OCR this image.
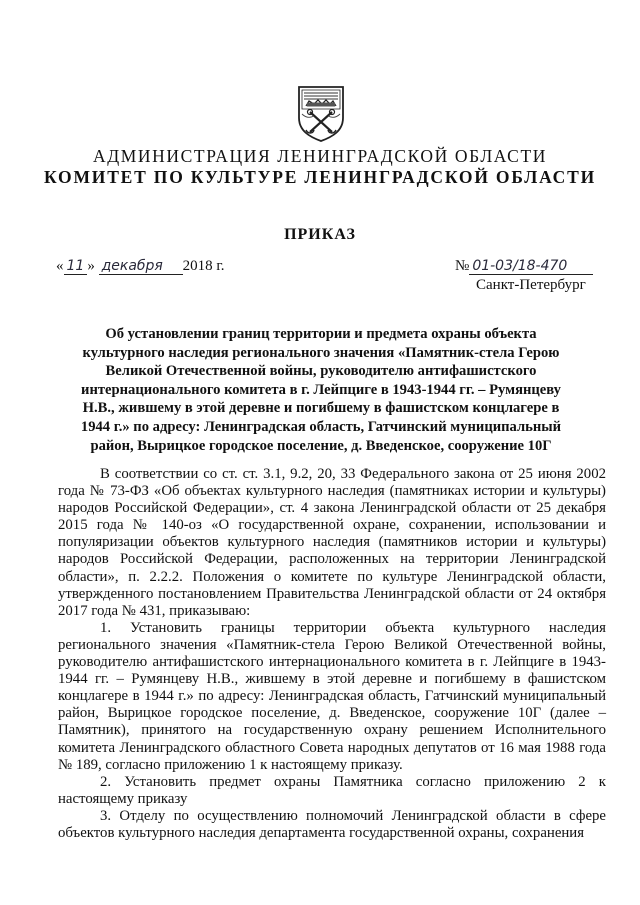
АДМИНИСТРАЦИЯ ЛЕНИНГРАДСКОЙ ОБЛАСТИ
КОМИТЕТ ПО КУЛЬТУРЕ ЛЕНИНГРАДСКОЙ ОБЛАСТИ
ПРИКАЗ
« 11 » декабря 2018 г.	№ 01-03/18-470
Санкт-Петербург
Об установлении границ территории и предмета охраны объекта культурного наследия регионального значения «Памятник-стела Герою Великой Отечественной войны, руководителю антифашистского интернационального комитета в г. Лейпциге в 1943-1944 гг. – Румянцеву Н.В., жившему в этой деревне и погибшему в фашистском концлагере в 1944 г.» по адресу: Ленинградская область, Гатчинский муниципальный район, Вырицкое городское поселение, д. Введенское, сооружение 10Г

В соответствии со ст. ст. 3.1, 9.2, 20, 33 Федерального закона от 25 июня 2002 года № 73-ФЗ «Об объектах культурного наследия (памятниках истории и культуры) народов Российской Федерации», ст. 4 закона Ленинградской области от 25 декабря 2015 года № 140-оз «О государственной охране, сохранении, использовании и популяризации объектов культурного наследия (памятников истории и культуры) народов Российской Федерации, расположенных на территории Ленинградской области», п. 2.2.2. Положения о комитете по культуре Ленинградской области, утвержденного постановлением Правительства Ленинградской области от 24 октября 2017 года № 431, приказываю:

1. Установить границы территории объекта культурного наследия регионального значения «Памятник-стела Герою Великой Отечественной войны, руководителю антифашистского интернационального комитета в г. Лейпциге в 1943-1944 гг. – Румянцеву Н.В., жившему в этой деревне и погибшему в фашистском концлагере в 1944 г.» по адресу: Ленинградская область, Гатчинский муниципальный район, Вырицкое городское поселение, д. Введенское, сооружение 10Г (далее – Памятник), принятого на государственную охрану решением Исполнительного комитета Ленинградского областного Совета народных депутатов от 16 мая 1988 года № 189, согласно приложению 1 к настоящему приказу.

2. Установить предмет охраны Памятника согласно приложению 2 к настоящему приказу

3. Отделу по осуществлению полномочий Ленинградской области в сфере объектов культурного наследия департамента государственной охраны, сохранения
